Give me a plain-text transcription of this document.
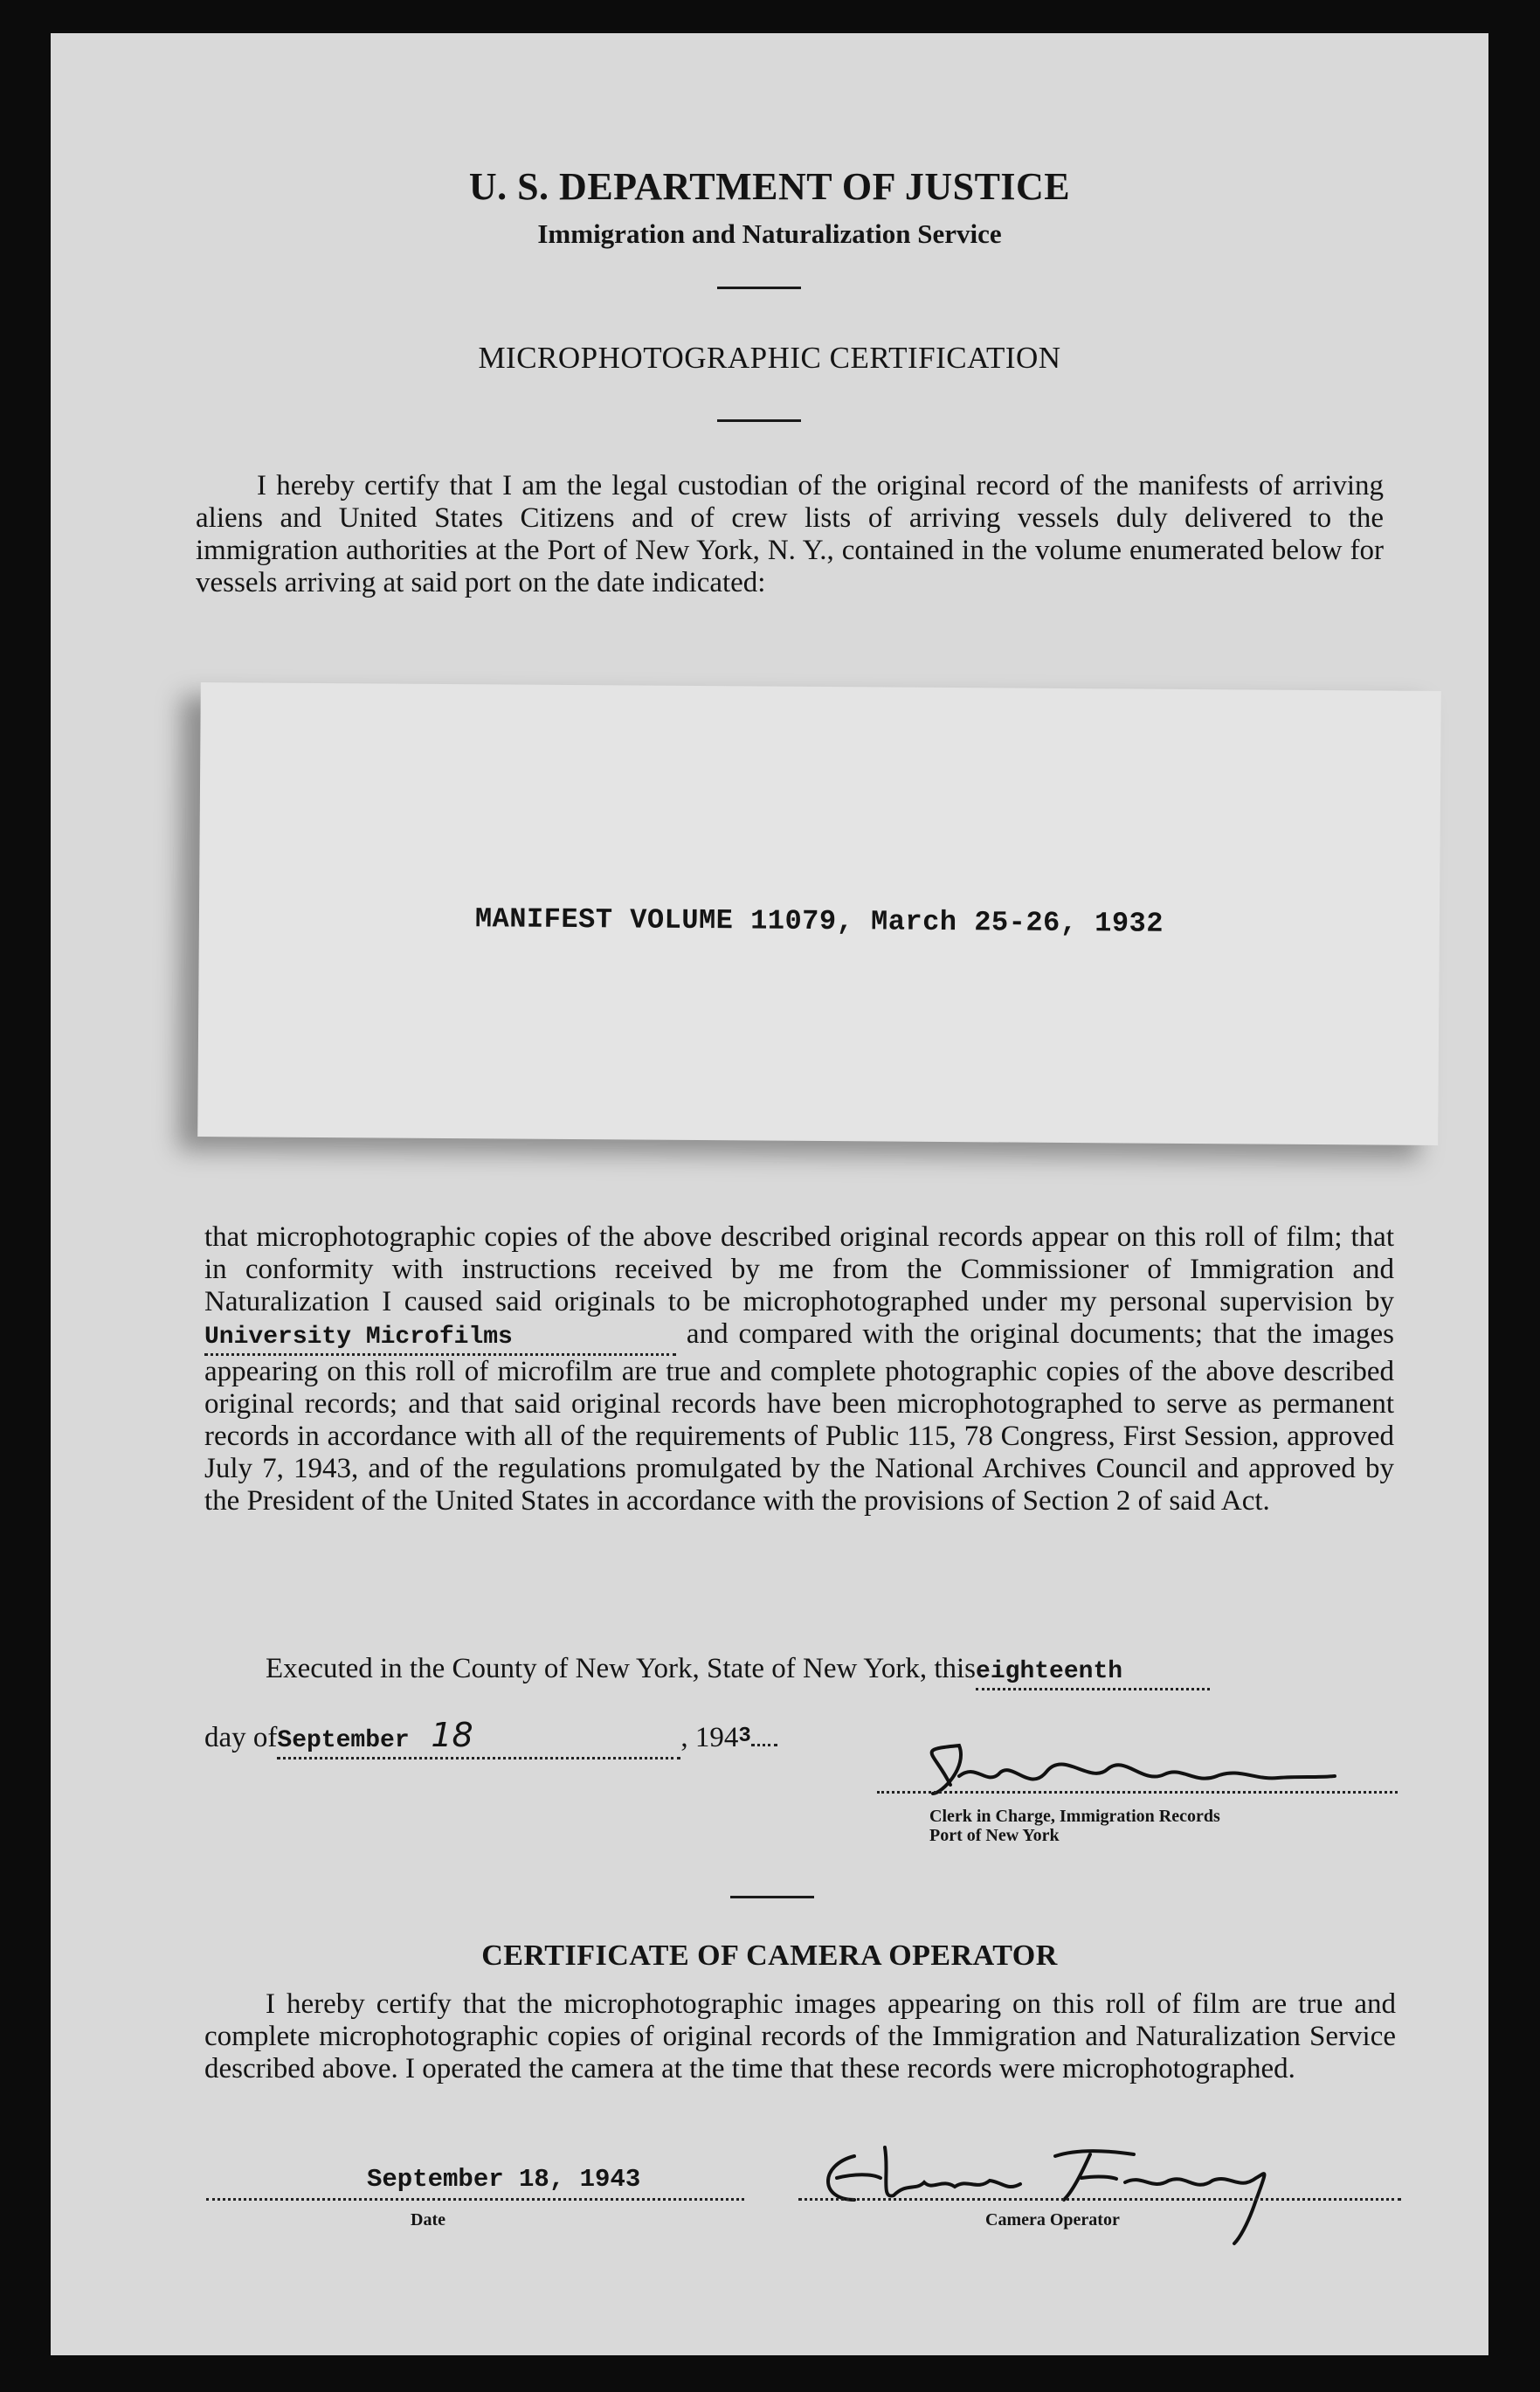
U. S. DEPARTMENT OF JUSTICE
Immigration and Naturalization Service
MICROPHOTOGRAPHIC CERTIFICATION
I hereby certify that I am the legal custodian of the original record of the manifests of arriving aliens and United States Citizens and of crew lists of arriving vessels duly delivered to the immigration authorities at the Port of New York, N. Y., contained in the volume enumerated below for vessels arriving at said port on the date indicated:
MANIFEST VOLUME 11079, March 25-26, 1932
that microphotographic copies of the above described original records appear on this roll of film; that in conformity with instructions received by me from the Commissioner of Immigration and Naturalization I caused said originals to be microphotographed under my personal supervision by University Microfilms	and compared with the original documents; that the images appearing on this roll of microfilm are true and complete photographic copies of the above described original records; and that said original records have been microphotographed to serve as permanent records in accordance with all of the requirements of Public 115, 78 Congress, First Session, approved July 7, 1943, and of the regulations promulgated by the National Archives Council and approved by the President of the United States in accordance with the provisions of Section 2 of said Act.
Executed in the County of New York, State of New York, thiseighteenth
day ofSeptember 18	, 1943
Clerk in Charge, Immigration Records
Port of New York
CERTIFICATE OF CAMERA OPERATOR
I hereby certify that the microphotographic images appearing on this roll of film are true and complete microphotographic copies of original records of the Immigration and Naturalization Service described above. I operated the camera at the time that these records were microphotographed.
September 18, 1943
Date	Camera Operator
